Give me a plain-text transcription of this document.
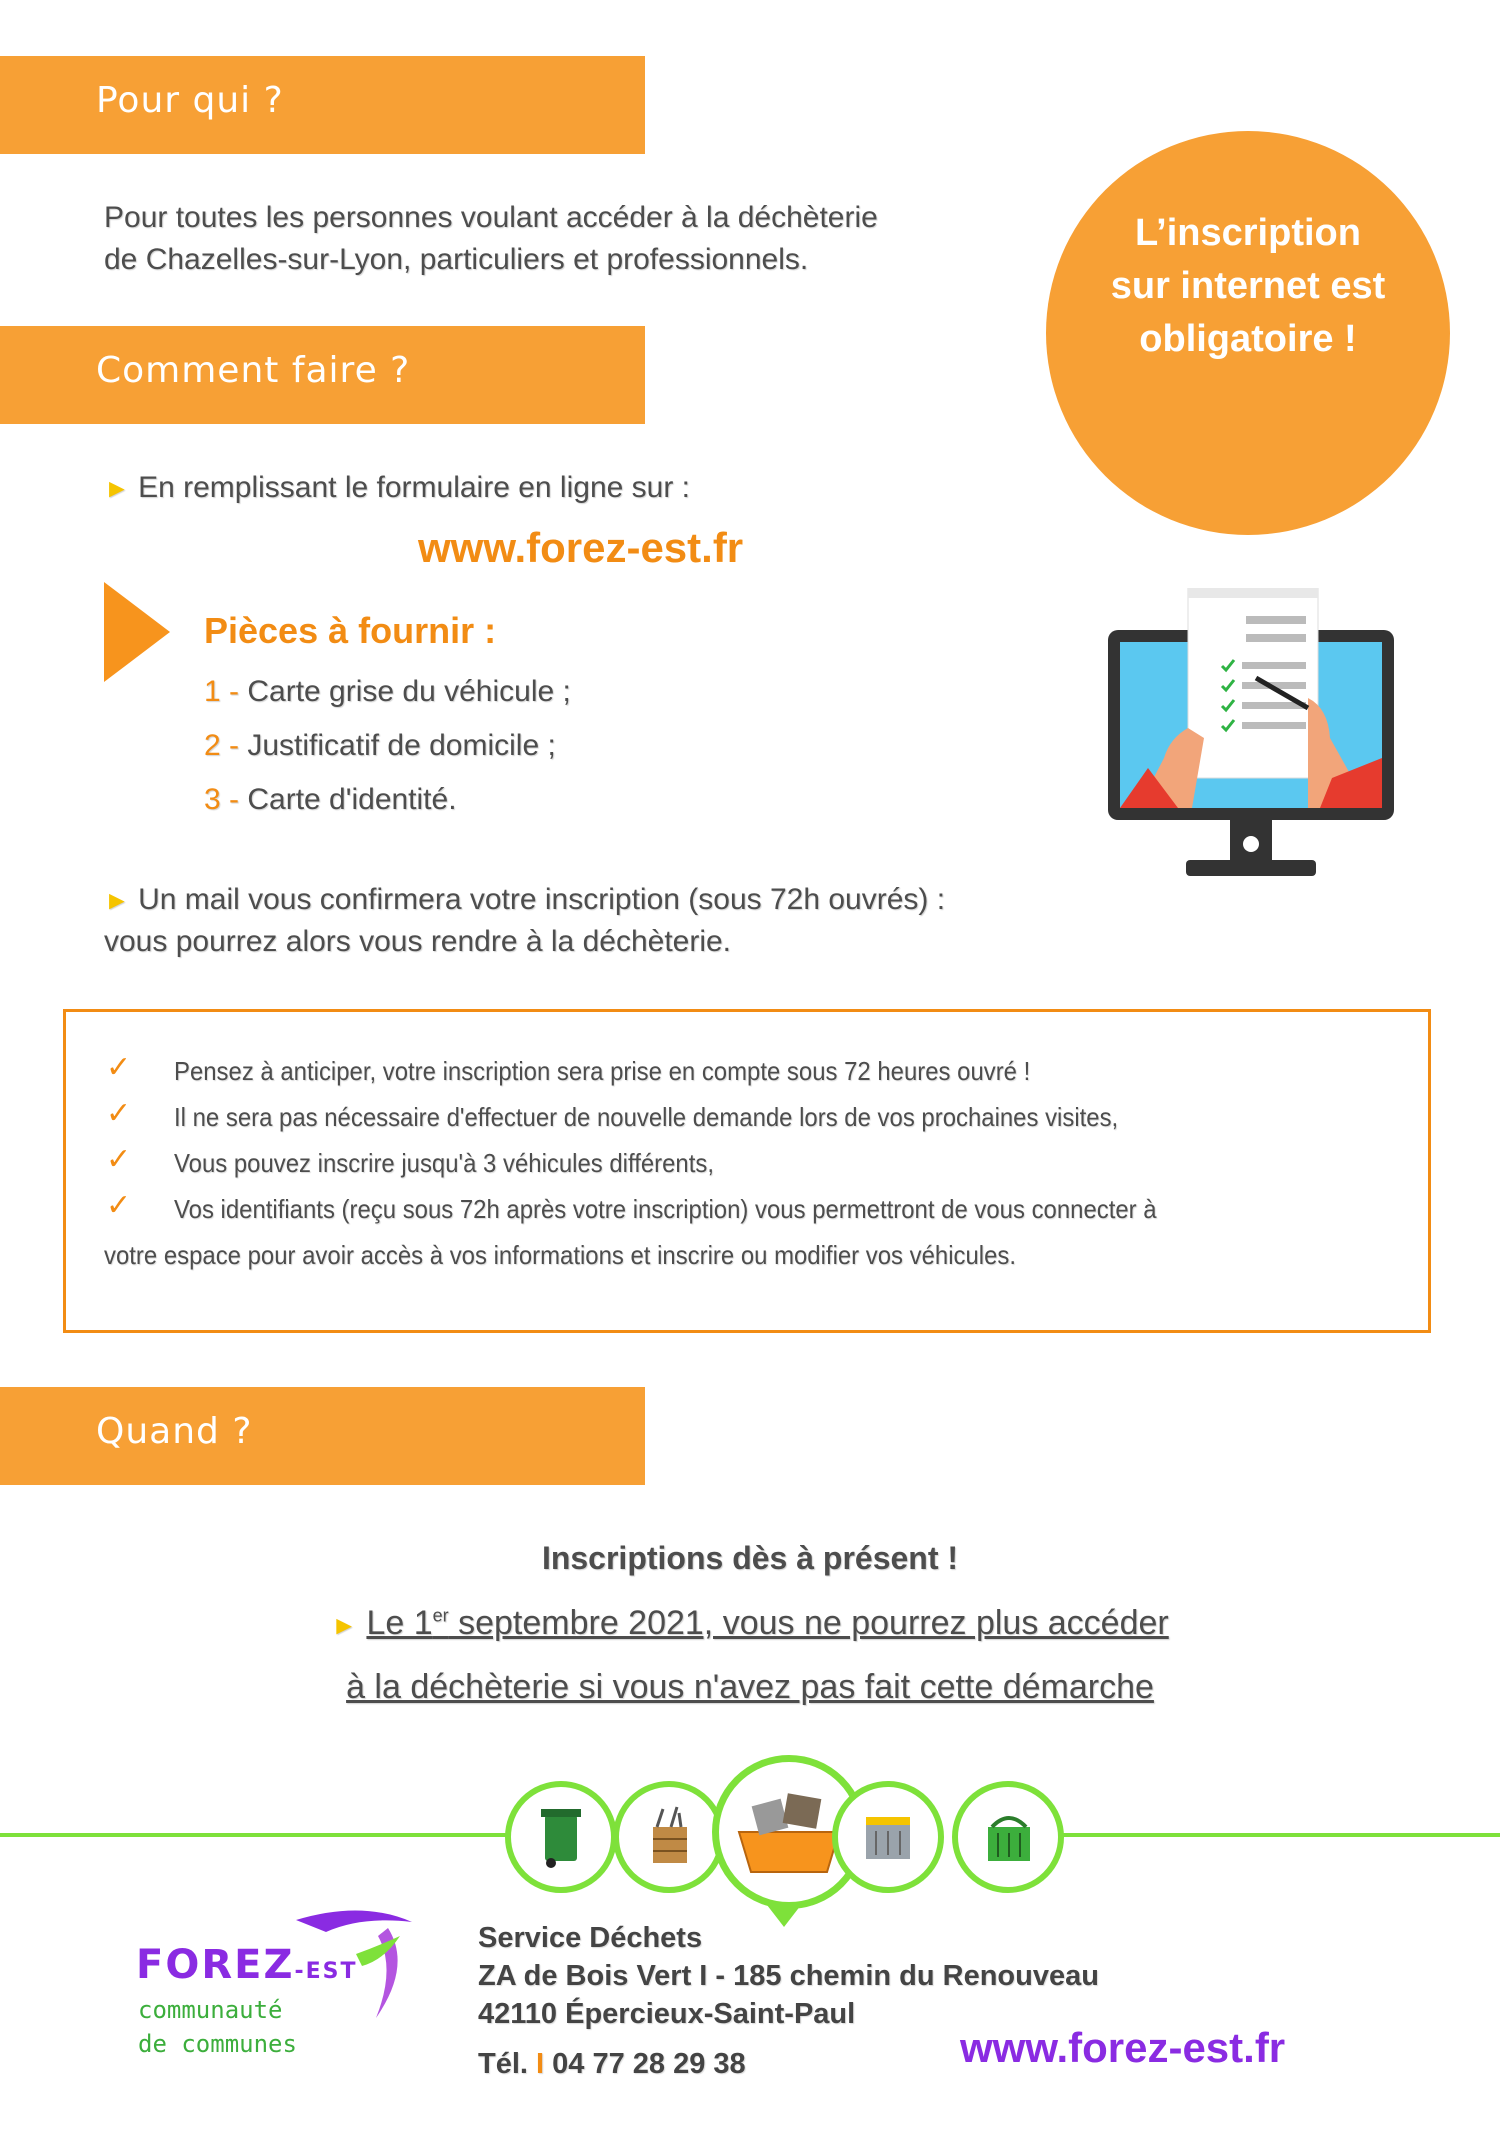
Pour qui ?
Pour toutes les personnes voulant accéder à la déchèterie
de Chazelles-sur-Lyon, particuliers et professionnels.
L’inscription
sur internet est
obligatoire !
Comment faire ?
► En remplissant le formulaire en ligne sur :
www.forez-est.fr
Pièces à fournir :
1 - Carte grise du véhicule ;
2 - Justificatif de domicile ;
3 - Carte d'identité.
► Un mail vous confirmera votre inscription (sous 72h ouvrés) :
vous pourrez alors vous rendre à la déchèterie.
✓
✓
✓
✓
Pensez à anticiper, votre inscription sera prise en compte sous 72 heures ouvré !
Il ne sera pas nécessaire d'effectuer de nouvelle demande lors de vos prochaines visites,
Vous pouvez inscrire jusqu'à 3 véhicules différents,
Vos identifiants (reçu sous 72h après votre inscription) vous permettront de vous connecter à
votre espace pour avoir accès à vos informations et inscrire ou modifier vos véhicules.
Quand ?
Inscriptions dès à présent !
► Le 1er septembre 2021, vous ne pourrez plus accéder
à la déchèterie si vous n'avez pas fait cette démarche
FOREZ-EST
communauté
de communes
Service Déchets
ZA de Bois Vert I - 185 chemin du Renouveau
42110 Épercieux-Saint-Paul
Tél. I 04 77 28 29 38	www.forez-est.fr
